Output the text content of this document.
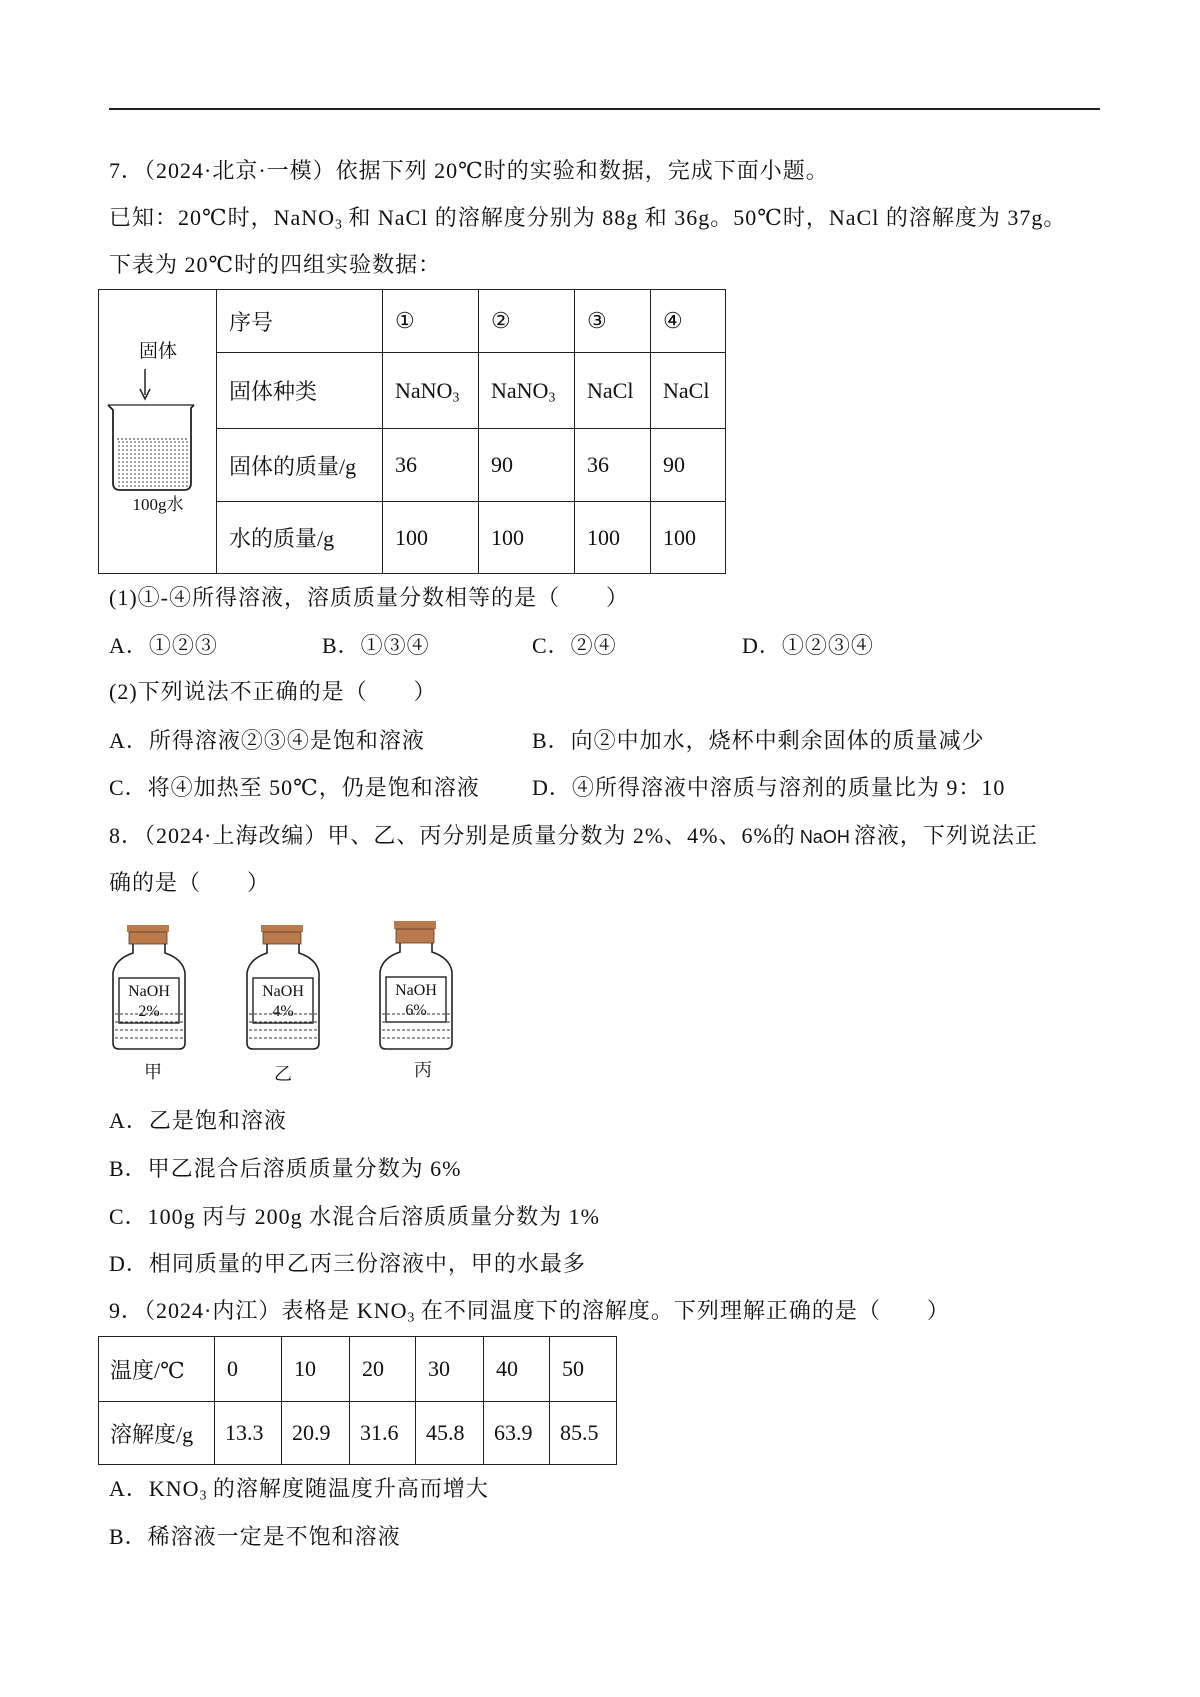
7．（2024·北京·一模）依据下列 20℃时的实验和数据，完成下面小题。
已知：20℃时，NaNO$_3$ 和 NaCl 的溶解度分别为 88g 和 36g。50℃时，NaCl 的溶解度为 37g。
下表为 20℃时的四组实验数据：
	序号	①	②	③	④
	固体种类	NaNO$_3$	NaNO$_3$	NaCl	NaCl
	固体的质量/g	36	90	36	90
	水的质量/g	100	100	100	100
固体
100g水
(1)①-④所得溶液，溶质质量分数相等的是（　　）
A．①②③	B．①③④	C．②④	D．①②③④
(2)下列说法不正确的是（　　）
A．所得溶液②③④是饱和溶液	B．向②中加水，烧杯中剩余固体的质量减少
C．将④加热至 50℃，仍是饱和溶液 D．④所得溶液中溶质与溶剂的质量比为 9：10
8．（2024·上海改编）甲、乙、丙分别是质量分数为 2%、4%、6%的 NaOH 溶液，下列说法正
确的是（　　）
NaOH
2%
甲
NaOH
4%
乙
NaOH
6%
丙
A．乙是饱和溶液
B．甲乙混合后溶质质量分数为 6%
C．100g 丙与 200g 水混合后溶质质量分数为 1%
D．相同质量的甲乙丙三份溶液中，甲的水最多
9．（2024·内江）表格是 $KNO_3$ 在不同温度下的溶解度。下列理解正确的是（　　）
温度/℃	0	10	20	30	40	50
溶解度/g	13.3	20.9	31.6	45.8	63.9	85.5
A．$KNO_3$ 的溶解度随温度升高而增大
B．稀溶液一定是不饱和溶液
